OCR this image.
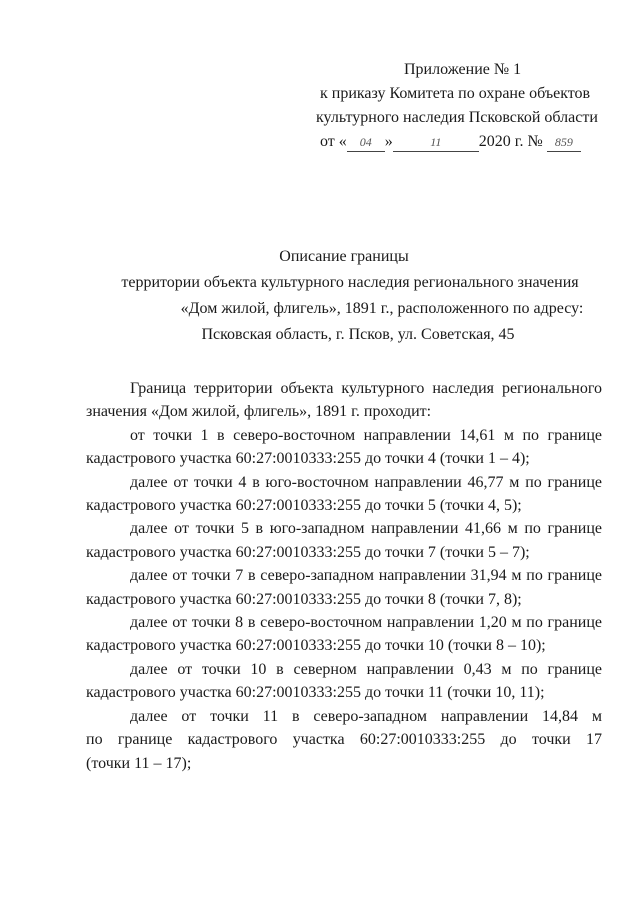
Приложение № 1
к приказу Комитета по охране объектов
культурного наследия Псковской области
от « 04 »	11 2020 г. № 859
Описание границы
территории объекта культурного наследия регионального значения
«Дом жилой, флигель», 1891 г., расположенного по адресу:
Псковская область, г. Псков, ул. Советская, 45
Граница территории объекта культурного наследия регионального
значения «Дом жилой, флигель», 1891 г. проходит:
от точки 1 в северо-восточном направлении 14,61 м по границе
кадастрового участка 60:27:0010333:255 до точки 4 (точки 1 – 4);
далее от точки 4 в юго-восточном направлении 46,77 м по границе
кадастрового участка 60:27:0010333:255 до точки 5 (точки 4, 5);
далее от точки 5 в юго-западном направлении 41,66 м по границе
кадастрового участка 60:27:0010333:255 до точки 7 (точки 5 – 7);
далее от точки 7 в северо-западном направлении 31,94 м по границе
кадастрового участка 60:27:0010333:255 до точки 8 (точки 7, 8);
далее от точки 8 в северо-восточном направлении 1,20 м по границе
кадастрового участка 60:27:0010333:255 до точки 10 (точки 8 – 10);
далее от точки 10 в северном направлении 0,43 м по границе
кадастрового участка 60:27:0010333:255 до точки 11 (точки 10, 11);
далее от точки 11 в северо-западном направлении 14,84 м
по границе кадастрового участка 60:27:0010333:255 до точки 17
(точки 11 – 17);
